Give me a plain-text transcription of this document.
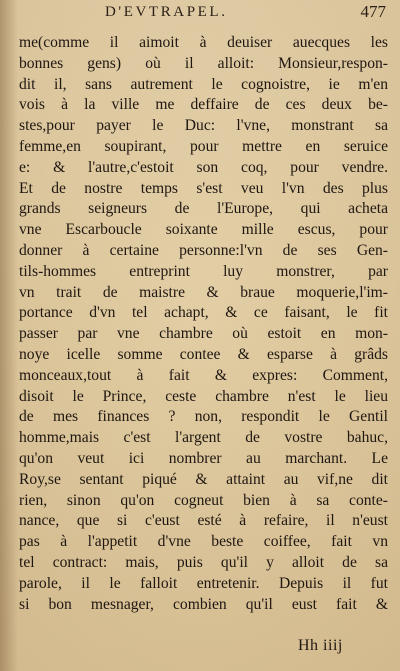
D'EVTRAPEL.	477
me(comme il aimoit à deuiser auecques les
bonnes gens) où il alloit: Monsieur,respon-
dit il, sans autrement le cognoistre, ie m'en
vois à la ville me deffaire de ces deux be-
stes,pour payer le Duc: l'vne, monstrant sa
femme,en soupirant, pour mettre en seruice
e: & l'autre,c'estoit son coq, pour vendre.
Et de nostre temps s'est veu l'vn des plus
grands seigneurs de l'Europe, qui acheta
vne Escarboucle soixante mille escus, pour
donner à certaine personne:l'vn de ses Gen-
tils-hommes entreprint luy monstrer, par
vn trait de maistre & braue moquerie,l'im-
portance d'vn tel achapt, & ce faisant, le fit
passer par vne chambre où estoit en mon-
noye icelle somme contee & esparse à grâds
monceaux,tout à fait & expres: Comment,
disoit le Prince, ceste chambre n'est le lieu
de mes finances ? non, respondit le Gentil
homme,mais c'est l'argent de vostre bahuc,
qu'on veut ici nombrer au marchant. Le
Roy,se sentant piqué & attaint au vif,ne dit
rien, sinon qu'on cogneut bien à sa conte-
nance, que si c'eust esté à refaire, il n'eust
pas à l'appetit d'vne beste coiffee, fait vn
tel contract: mais, puis qu'il y alloit de sa
parole, il le falloit entretenir. Depuis il fut
si bon mesnager, combien qu'il eust fait &
Hh iiij
